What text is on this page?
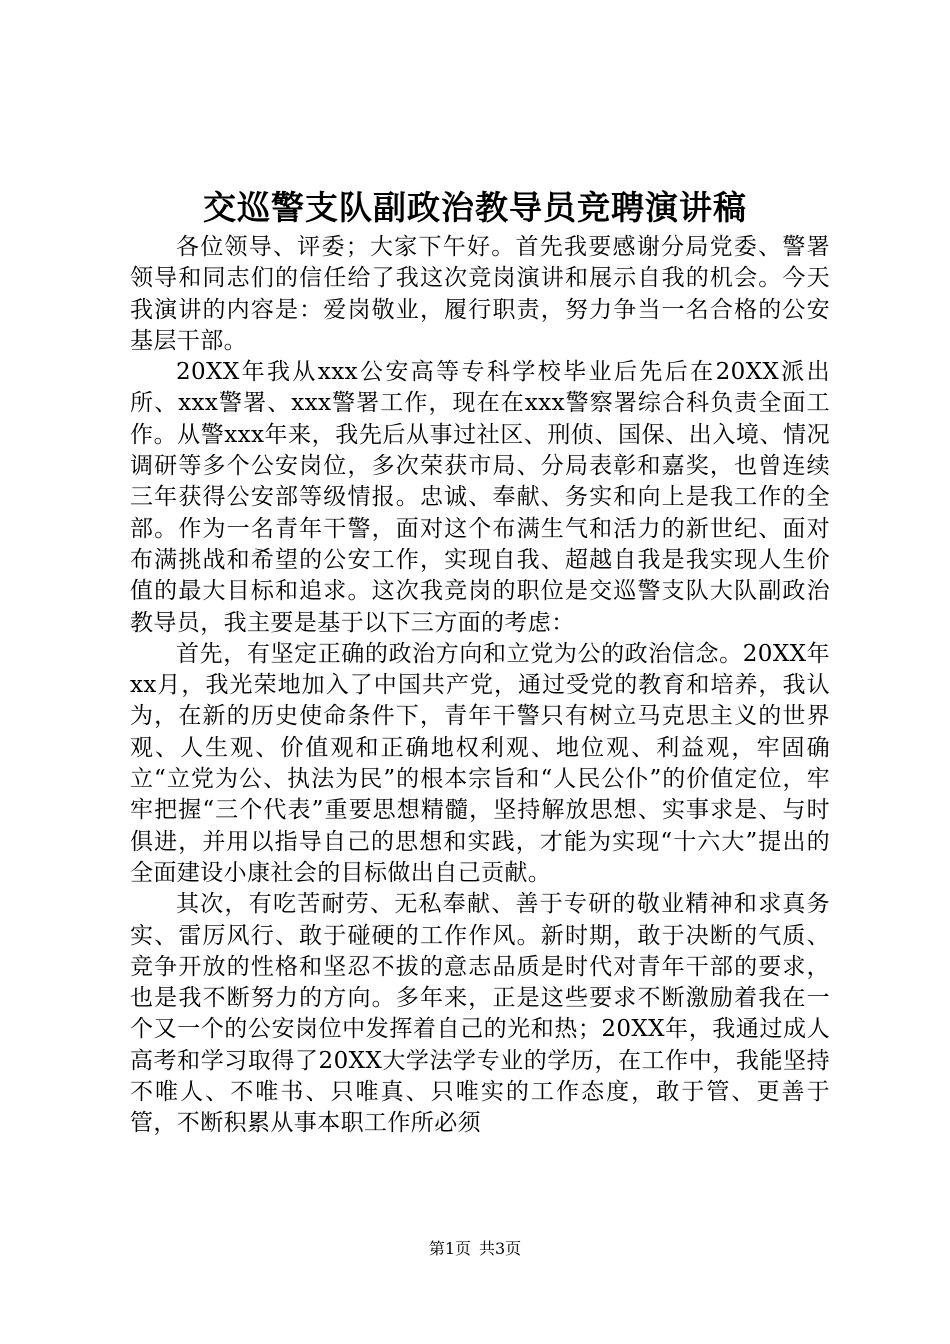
交巡警支队副政治教导员竞聘演讲稿

各位领导、评委；大家下午好。首先我要感谢分局党委、警署领导和同志们的信任给了我这次竞岗演讲和展示自我的机会。今天我演讲的内容是：爱岗敬业，履行职责，努力争当一名合格的公安基层干部。

20XX年我从xxx公安高等专科学校毕业后先后在20XX派出所、xxx警署、xxx警署工作，现在在xxx警察署综合科负责全面工作。从警xxx年来，我先后从事过社区、刑侦、国保、出入境、情况调研等多个公安岗位，多次荣获市局、分局表彰和嘉奖，也曾连续三年获得公安部等级情报。忠诚、奉献、务实和向上是我工作的全部。作为一名青年干警，面对这个布满生气和活力的新世纪、面对布满挑战和希望的公安工作，实现自我、超越自我是我实现人生价值的最大目标和追求。这次我竞岗的职位是交巡警支队大队副政治教导员，我主要是基于以下三方面的考虑：

首先，有坚定正确的政治方向和立党为公的政治信念。20XX年xx月，我光荣地加入了中国共产党，通过受党的教育和培养，我认为，在新的历史使命条件下，青年干警只有树立马克思主义的世界观、人生观、价值观和正确地权利观、地位观、利益观，牢固确立“立党为公、执法为民”的根本宗旨和“人民公仆”的价值定位，牢牢把握“三个代表”重要思想精髓，坚持解放思想、实事求是、与时俱进，并用以指导自己的思想和实践，才能为实现“十六大”提出的全面建设小康社会的目标做出自己贡献。

其次，有吃苦耐劳、无私奉献、善于专研的敬业精神和求真务实、雷厉风行、敢于碰硬的工作作风。新时期，敢于决断的气质、竞争开放的性格和坚忍不拔的意志品质是时代对青年干部的要求，也是我不断努力的方向。多年来，正是这些要求不断激励着我在一个又一个的公安岗位中发挥着自己的光和热；20XX年，我通过成人高考和学习取得了20XX大学法学专业的学历，在工作中，我能坚持不唯人、不唯书、只唯真、只唯实的工作态度，敢于管、更善于管，不断积累从事本职工作所必须

第1页 共3页
